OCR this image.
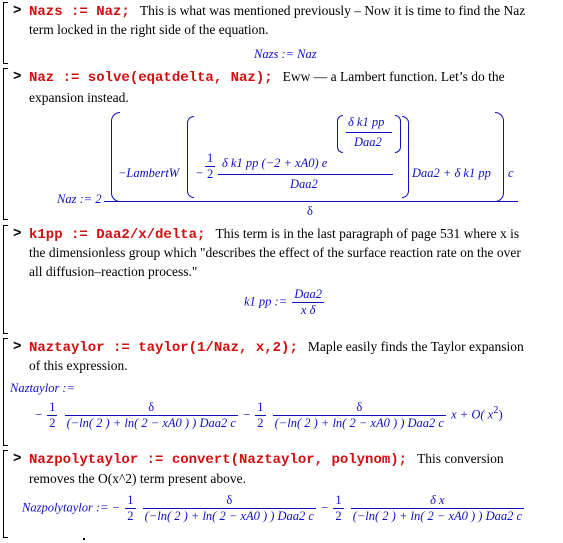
> Nazs := Naz; This is what was mentioned previously – Now it is time to find the Naz
term locked in the right side of the equation.
Nazs := Naz
> Naz := solve(eqatdelta, Naz); Eww –– a Lambert function. Let’s do the
expansion instead.
Naz := 2
−LambertW − $\frac{1}{2}$ δ k1 pp (−2 + xA0) e
Daa2
δ k1 pp
Daa2
Daa2 + δ k1 pp c
δ
> k1pp := Daa2/x/delta; This term is in the last paragraph of page 531 where x is
the dimensionless group which "describes the effect of the surface reaction rate on the over
all diffusion–reaction process."
k1 pp := $\frac{\text{Daa2}}{\text{x δ}}$
> Naztaylor := taylor(1/Naz, x,2); Maple easily finds the Taylor expansion
of this expression.
Naztaylor :=
− $\frac{1}{2}$
$\frac{\delta}{\text{(−ln( 2 ) + ln( 2 − xA0 ) ) Daa2 c}} - \frac{1}{2}$
$\frac{\delta}{\text{(−ln( 2 ) + ln( 2 − xA0 ) ) Daa2 c}}$ x + O( $x^2$)
> Nazpolytaylor := convert(Naztaylor, polynom); This conversion
removes the O(x^2) term present above.
Nazpolytaylor := − $\frac{1}{2}$
$\frac{\delta}{\text{(−ln( 2 ) + ln( 2 − xA0 ) ) Daa2 c}} - \frac{1}{2}$
$\frac{\text{δ x}}{\text{(−ln( 2 ) + ln( 2 − xA0 ) ) Daa2 c}}$
